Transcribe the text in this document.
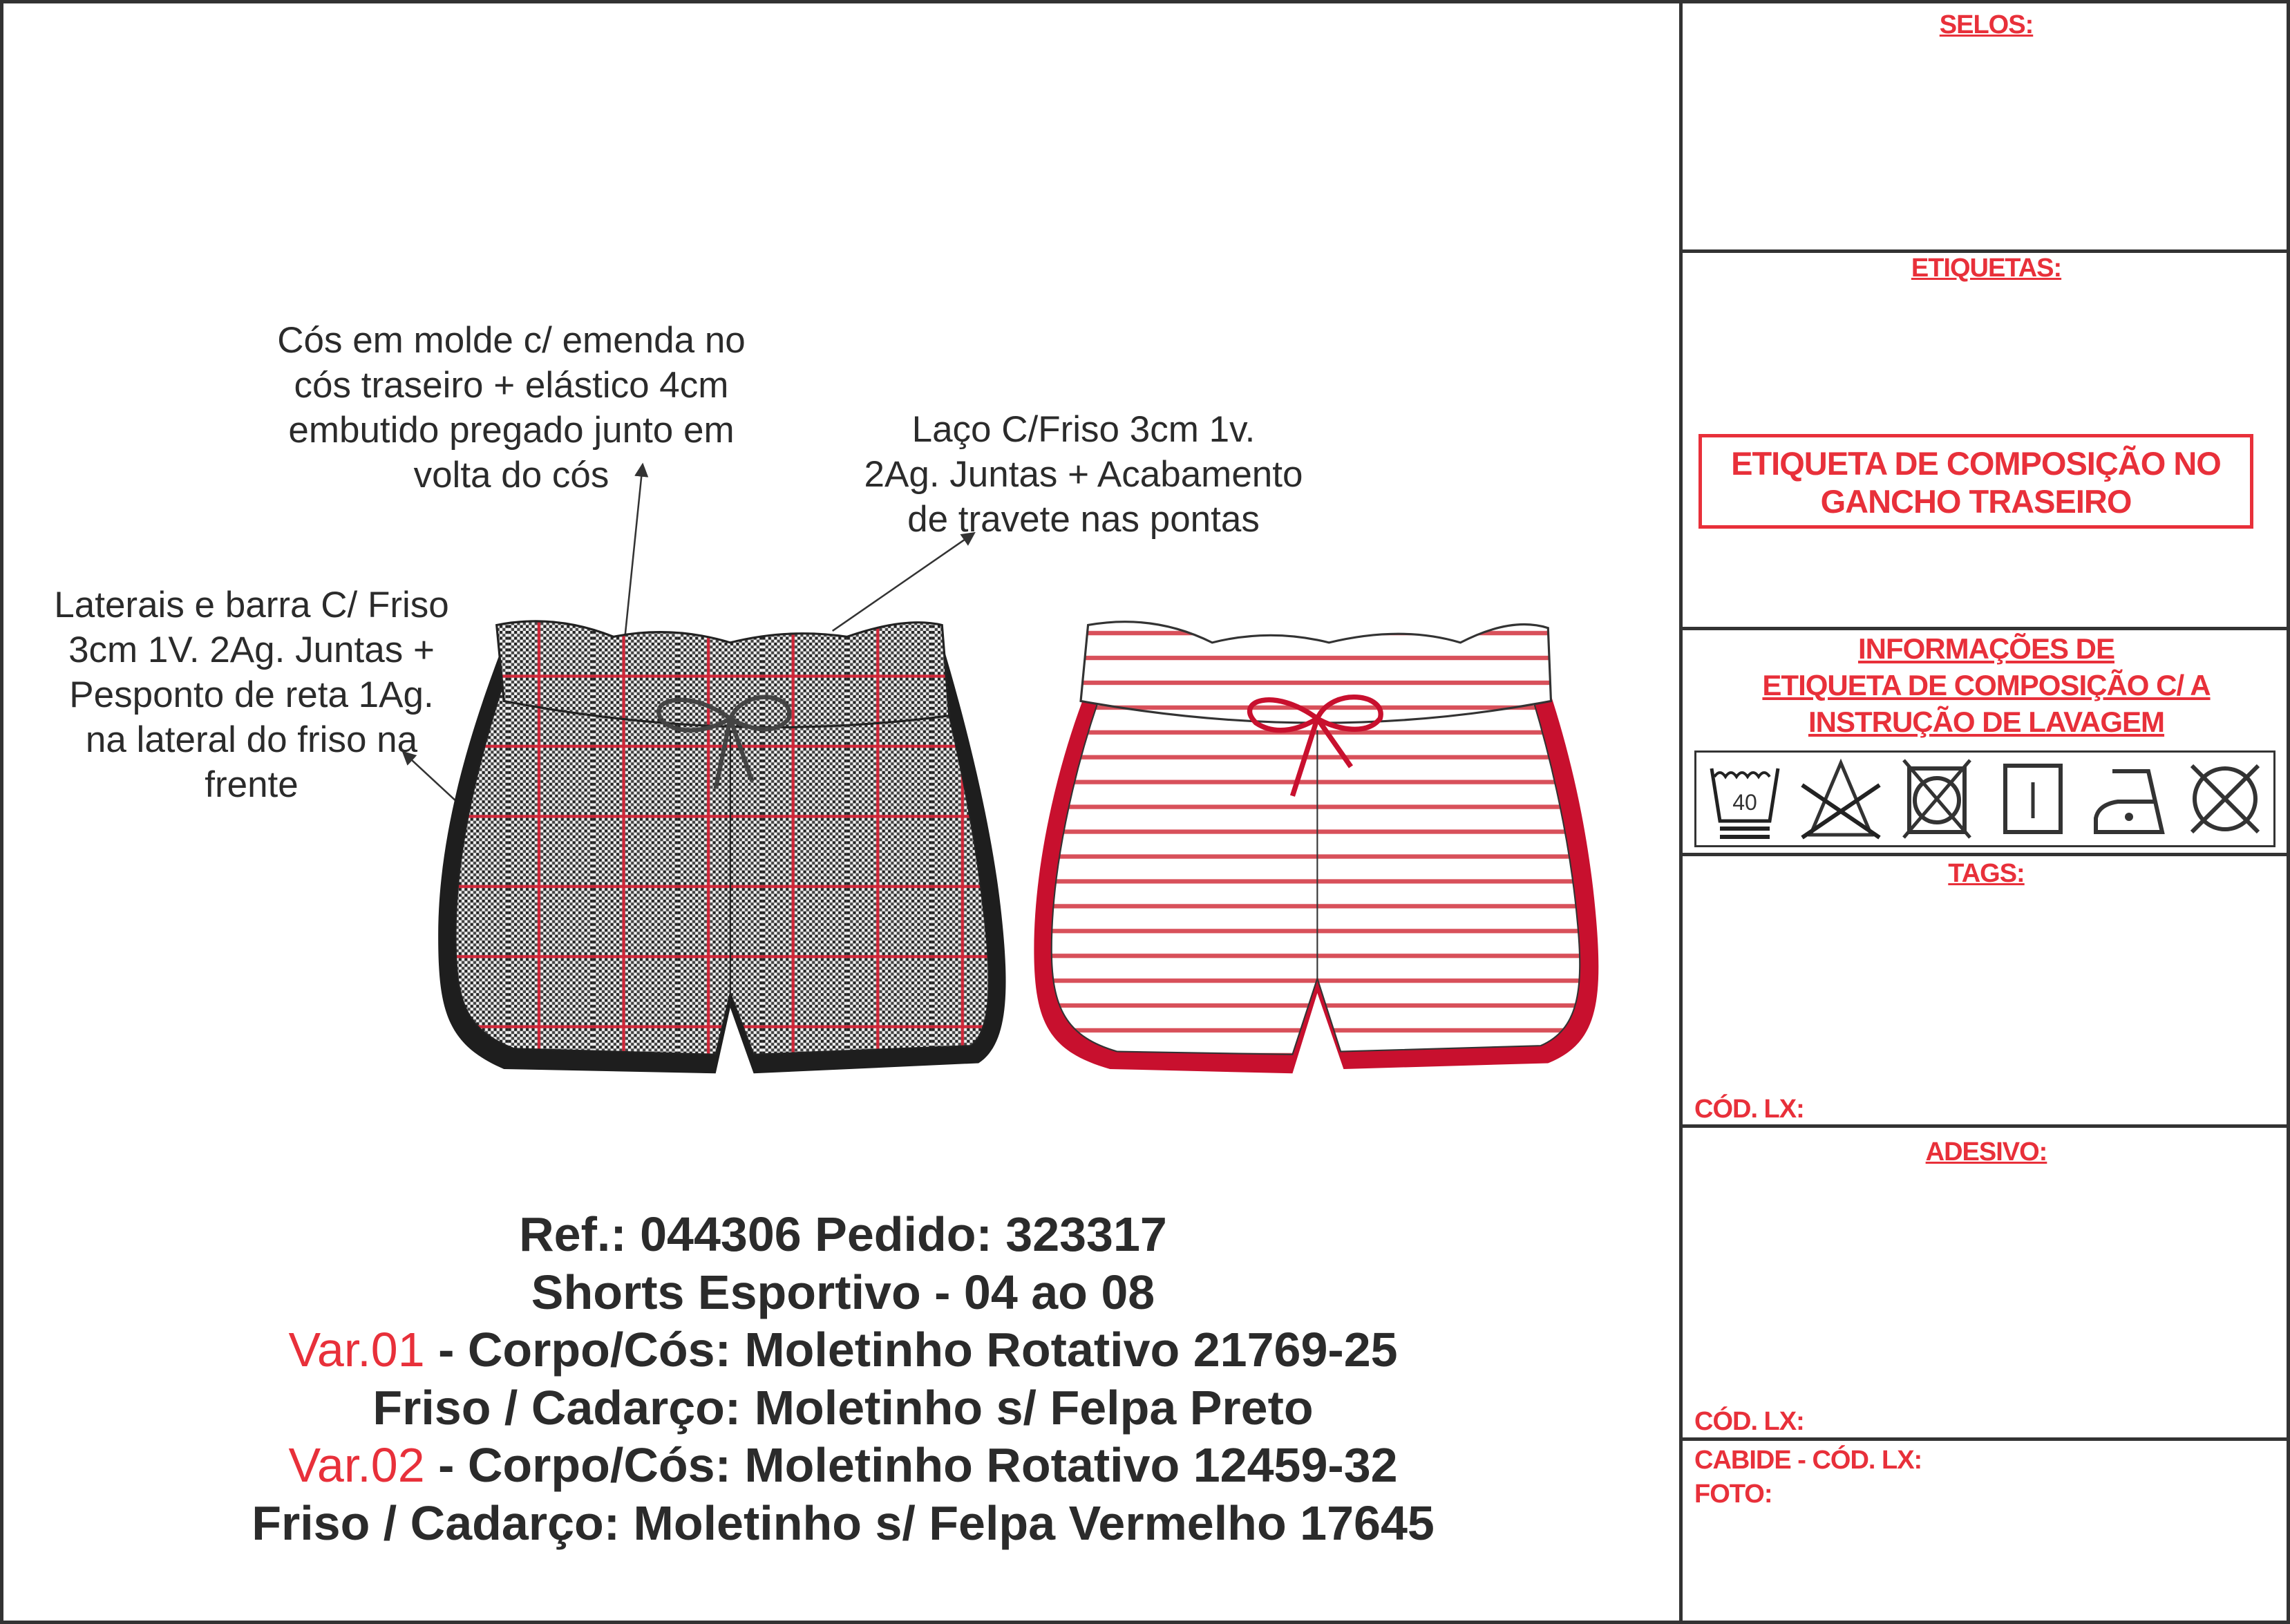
Cós em molde c/ emenda no
cós traseiro + elástico 4cm
embutido pregado junto em
volta do cós
Laço C/Friso 3cm 1v.
2Ag. Juntas + Acabamento
de travete nas pontas
Laterais e barra C/ Friso
3cm 1V. 2Ag. Juntas +
Pesponto de reta 1Ag.
na lateral do friso na
frente
Ref.: 044306 Pedido: 323317
Shorts Esportivo - 04 ao 08
Var.01 - Corpo/Cós: Moletinho Rotativo 21769-25
Friso / Cadarço: Moletinho s/ Felpa Preto
Var.02 - Corpo/Cós: Moletinho Rotativo 12459-32
Friso / Cadarço: Moletinho s/ Felpa Vermelho 17645
SELOS:
ETIQUETAS:
ETIQUETA DE COMPOSIÇÃO NO
GANCHO TRASEIRO
INFORMAÇÕES DE
ETIQUETA DE COMPOSIÇÃO C/ A
INSTRUÇÃO DE LAVAGEM
40
TAGS:
CÓD. LX:
ADESIVO:
CÓD. LX:
CABIDE - CÓD. LX:
FOTO:
